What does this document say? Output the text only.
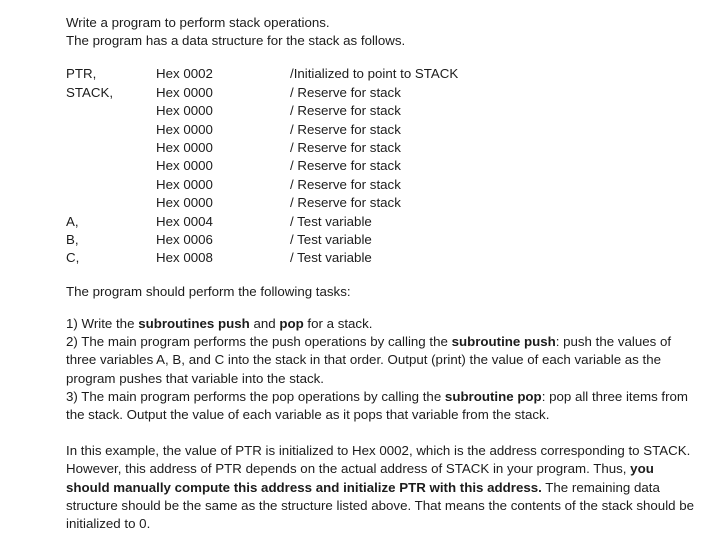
Write a program to perform stack operations.

The program has a data structure for the stack as follows.

PTR,	Hex 0002	/Initialized to point to STACK
STACK,	Hex 0000	/ Reserve for stack
	Hex 0000	/ Reserve for stack
	Hex 0000	/ Reserve for stack
	Hex 0000	/ Reserve for stack
	Hex 0000	/ Reserve for stack
	Hex 0000	/ Reserve for stack
	Hex 0000	/ Reserve for stack
A,	Hex 0004	/ Test variable
B,	Hex 0006	/ Test variable
C,	Hex 0008	/ Test variable

The program should perform the following tasks:

1) Write the subroutines push and pop for a stack.

2) The main program performs the push operations by calling the subroutine push: push the values of three variables A, B, and C into the stack in that order. Output (print) the value of each variable as the program pushes that variable into the stack.

3) The main program performs the pop operations by calling the subroutine pop: pop all three items from the stack. Output the value of each variable as it pops that variable from the stack.

In this example, the value of PTR is initialized to Hex 0002, which is the address corresponding to STACK. However, this address of PTR depends on the actual address of STACK in your program. Thus, you should manually compute this address and initialize PTR with this address. The remaining data structure should be the same as the structure listed above. That means the contents of the stack should be initialized to 0.
